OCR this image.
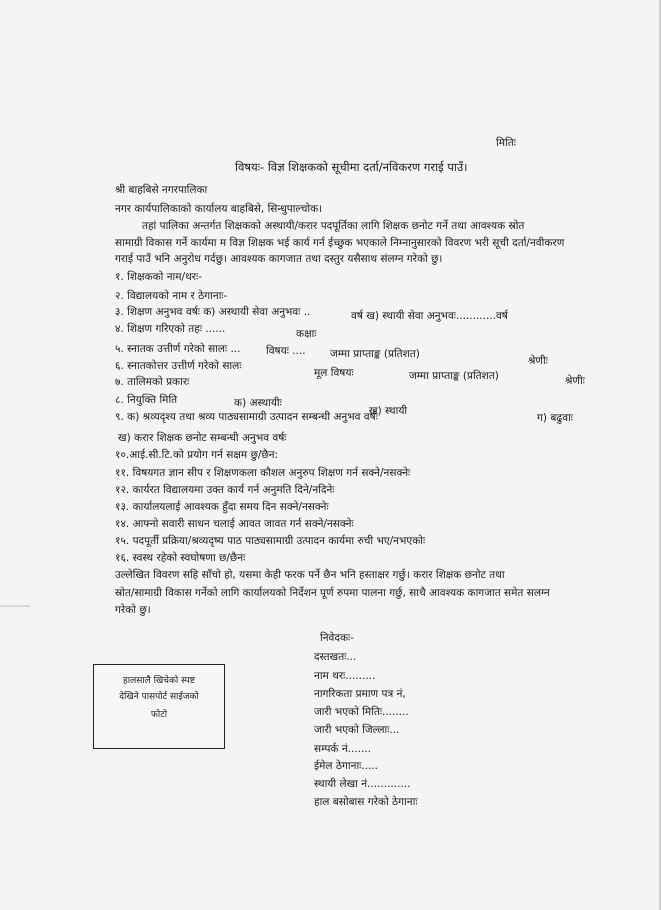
मितिः
विषयः- विज्ञ शिक्षकको सूचीमा दर्ता/नविकरण गराई पाउँ।
श्री बाहबिसे नगरपालिका
नगर कार्यपालिकाको कार्यालय बाहबिसे, सिन्धुपाल्चोक।
तहां पालिका अन्तर्गत शिक्षकको अस्थायी/करार पदपूर्तिका लागि शिक्षक छनोट गर्ने तथा आवश्यक स्रोत
सामाग्री विकास गर्ने कार्यमा म विज्ञ शिक्षक भई कार्य गर्न ईच्छुक भएकाले निम्नानुसारको विवरण भरी सूची दर्ता/नवीकरण
गराई पाउँ भनि अनुरोध गर्दछु। आवश्यक कागजात तथा दस्तुर यसैसाथ संलग्न गरेको छु।
१. शिक्षकको नाम/थरः-
२. विद्यालयको नाम र ठेगानाः-
३. शिक्षण अनुभव वर्षः क) अस्थायी सेवा अनुभवः ..	वर्ष ख) स्थायी सेवा अनुभवः............वर्ष
४. शिक्षण गरिएको तहः ......	कक्षाः
५. स्नातक उत्तीर्ण गरेको सालः ... विषयः .... जम्मा प्राप्ताङ्क (प्रतिशत)
श्रेणीः
६. स्नातकोत्तर उत्तीर्ण गरेको सालः
मूल विषयः	जम्मा प्राप्ताङ्क (प्रतिशत)	श्रेणीः
७. तालिमको प्रकारः
८. नियुक्ति मिति	क) अस्थायीः
ख) स्थायी
ग) बढुवाः
९. क) श्रव्यदृश्य तथा श्रव्य पाठ्यसामाग्री उत्पादन सम्बन्धी अनुभव वर्षः
ख) करार शिक्षक छनोट सम्बन्धी अनुभव वर्षः
१०.आई.सी.टि.को प्रयोग गर्न सक्षम छु/छैन:
११. विषयगत ज्ञान सीप र शिक्षणकला कौशल अनुरुप शिक्षण गर्न सक्ने/नसक्नेः
१२. कार्यरत विद्यालयमा उक्त कार्य गर्न अनुमति दिने/नदिनेः
१३. कार्यालयलाई आवश्यक हुँदा समय दिन सक्ने/नसक्नेः
१४. आफ्नो सवारी साधन चलाई आवत जावत गर्न सक्ने/नसक्नेः
१५. पदपूर्ती प्रक्रिया/श्रव्यदृष्य पाठ पाठ्यसामाग्री उत्पादन कार्यमा रुची भए/नभएकोः
१६. स्वस्थ रहेको स्वघोषणा छ/छैनः
उल्लेखित विवरण सहि साँचो हो, यसमा केही फरक पर्ने छैन भनि हस्ताक्षर गर्छु। करार शिक्षक छनोट तथा
स्रोत/सामाग्री विकास गर्नेको लागि कार्यालयको निर्देशन पूर्ण रुपमा पालना गर्छु, साथै आवश्यक कागजात समेत सलग्न
गरेको छु।
निवेदकः-
दस्तखतः...
नाम थरः.........
नागरिकता प्रमाण पत्र नं,
जारी भएको मितिः........
जारी भएको जिल्लाः...
सम्पर्क नं.......
ईमेल ठेगानाः.....
स्थायी लेखा नं.............
हाल बसोबास गरेको ठेगानाः
हालसालै खिचेको स्पष्ट
देखिने पासपोर्ट साईजको
फोटो
